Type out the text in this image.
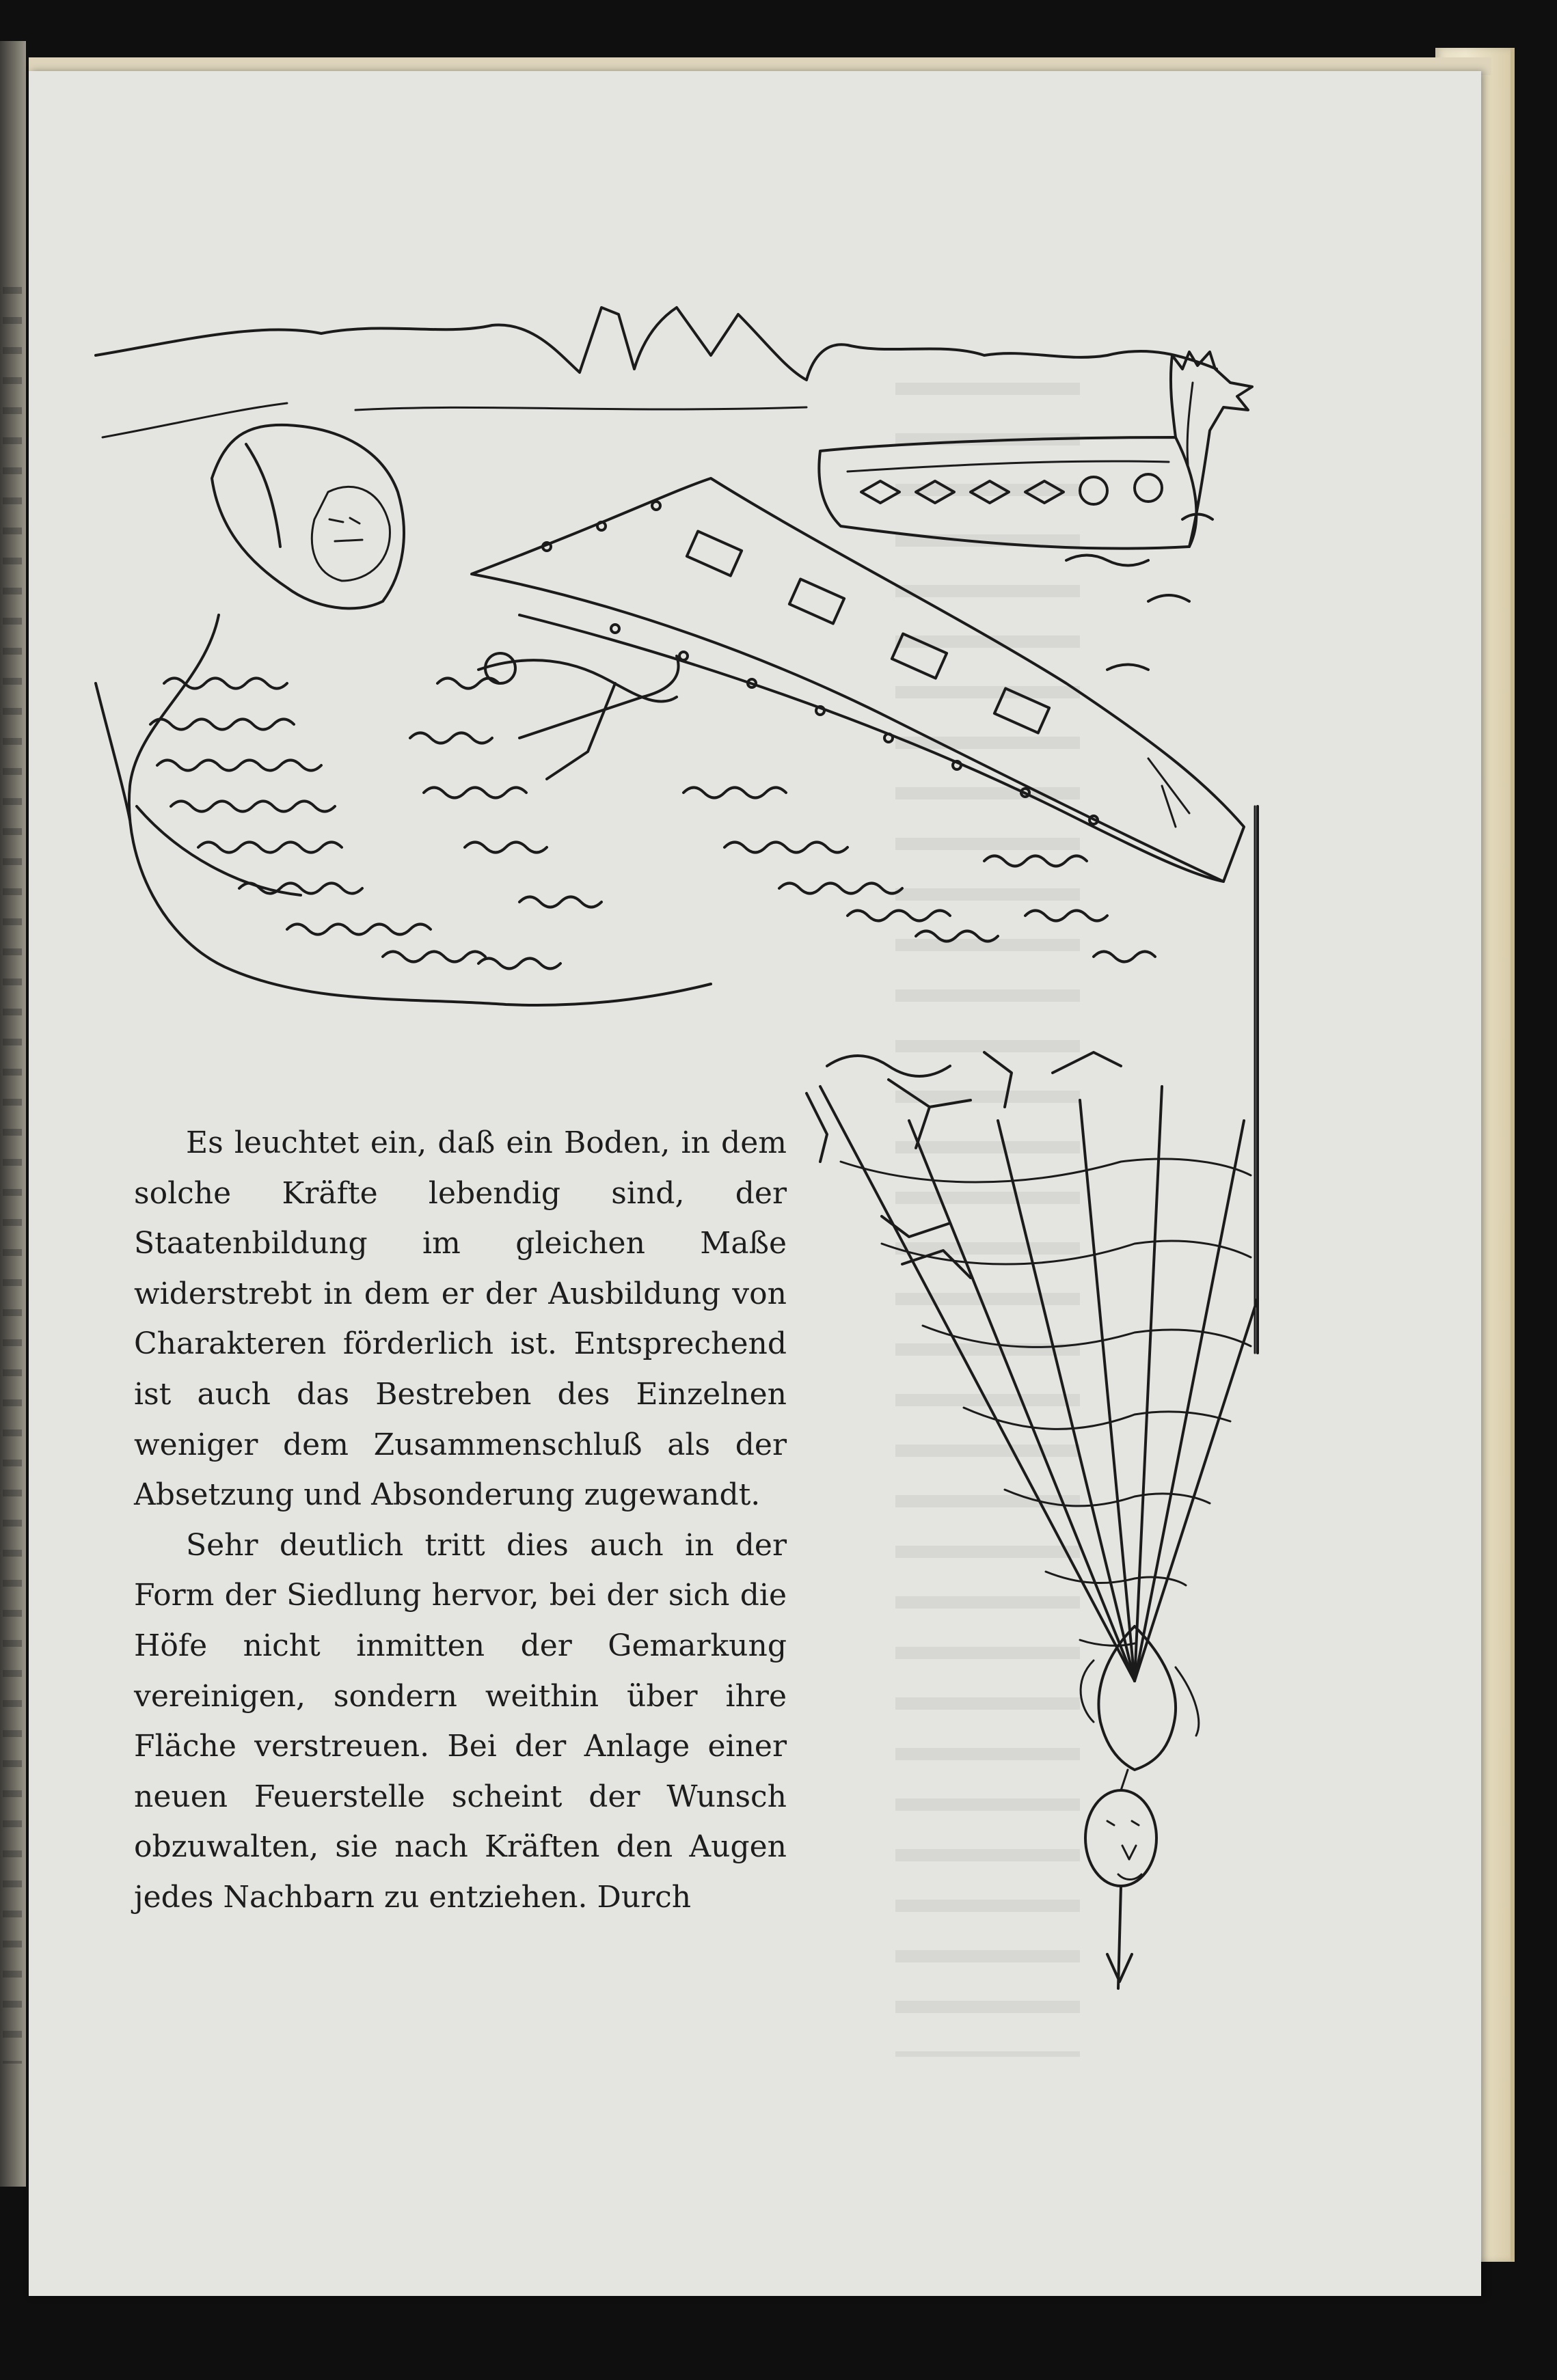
Es leuchtet ein, daß ein Boden, in dem solche Kräfte lebendig sind, der Staatenbildung im gleichen Maße widerstrebt in dem er der Ausbildung von Charakteren förderlich ist. Entsprechend ist auch das Bestreben des Einzelnen weniger dem Zusammenschluß als der Absetzung und Absonderung zugewandt.

Sehr deutlich tritt dies auch in der Form der Siedlung hervor, bei der sich die Höfe nicht inmitten der Gemarkung vereinigen, sondern weithin über ihre Fläche verstreuen. Bei der Anlage einer neuen Feuerstelle scheint der Wunsch obzuwalten, sie nach Kräften den Augen jedes Nachbarn zu entziehen. Durch
